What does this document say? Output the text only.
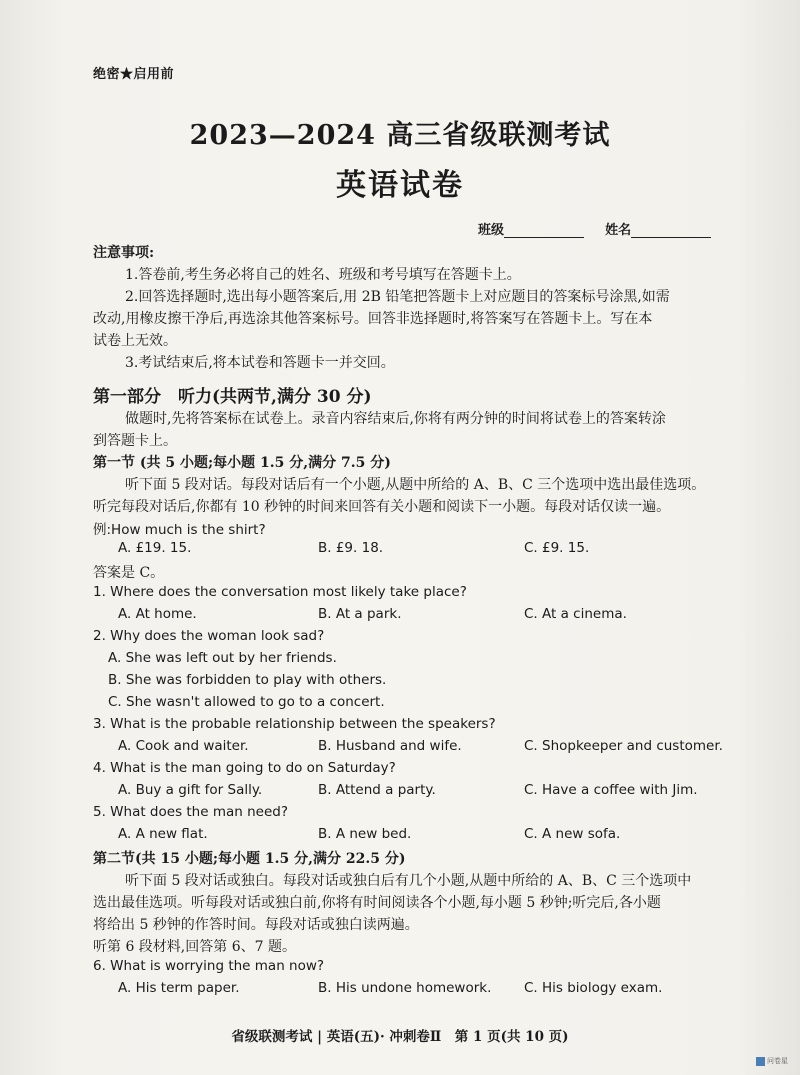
绝密★启用前
2023—2024 高三省级联测考试
英语试卷
班级	姓名
注意事项:
1.答卷前,考生务必将自己的姓名、班级和考号填写在答题卡上。
2.回答选择题时,选出每小题答案后,用 2B 铅笔把答题卡上对应题目的答案标号涂黑,如需
改动,用橡皮擦干净后,再选涂其他答案标号。回答非选择题时,将答案写在答题卡上。写在本
试卷上无效。
3.考试结束后,将本试卷和答题卡一并交回。
第一部分　听力(共两节,满分 30 分)
做题时,先将答案标在试卷上。录音内容结束后,你将有两分钟的时间将试卷上的答案转涂
到答题卡上。
第一节 (共 5 小题;每小题 1.5 分,满分 7.5 分)
听下面 5 段对话。每段对话后有一个小题,从题中所给的 A、B、C 三个选项中选出最佳选项。
听完每段对话后,你都有 10 秒钟的时间来回答有关小题和阅读下一小题。每段对话仅读一遍。
例:How much is the shirt?
A. £19. 15.	B. £9. 18.	C. £9. 15.
答案是 C。
1. Where does the conversation most likely take place?
A. At home.	B. At a park.	C. At a cinema.
2. Why does the woman look sad?
A. She was left out by her friends.
B. She was forbidden to play with others.
C. She wasn't allowed to go to a concert.
3. What is the probable relationship between the speakers?
A. Cook and waiter.	B. Husband and wife.	C. Shopkeeper and customer.
4. What is the man going to do on Saturday?
A. Buy a gift for Sally.	B. Attend a party.	C. Have a coffee with Jim.
5. What does the man need?
A. A new flat.	B. A new bed.	C. A new sofa.
第二节(共 15 小题;每小题 1.5 分,满分 22.5 分)
听下面 5 段对话或独白。每段对话或独白后有几个小题,从题中所给的 A、B、C 三个选项中
选出最佳选项。听每段对话或独白前,你将有时间阅读各个小题,每小题 5 秒钟;听完后,各小题
将给出 5 秒钟的作答时间。每段对话或独白读两遍。
听第 6 段材料,回答第 6、7 题。
6. What is worrying the man now?
A. His term paper.	B. His undone homework. C. His biology exam.
省级联测考试 | 英语(五)· 冲刺卷Ⅱ　第 1 页(共 10 页)
问卷星
